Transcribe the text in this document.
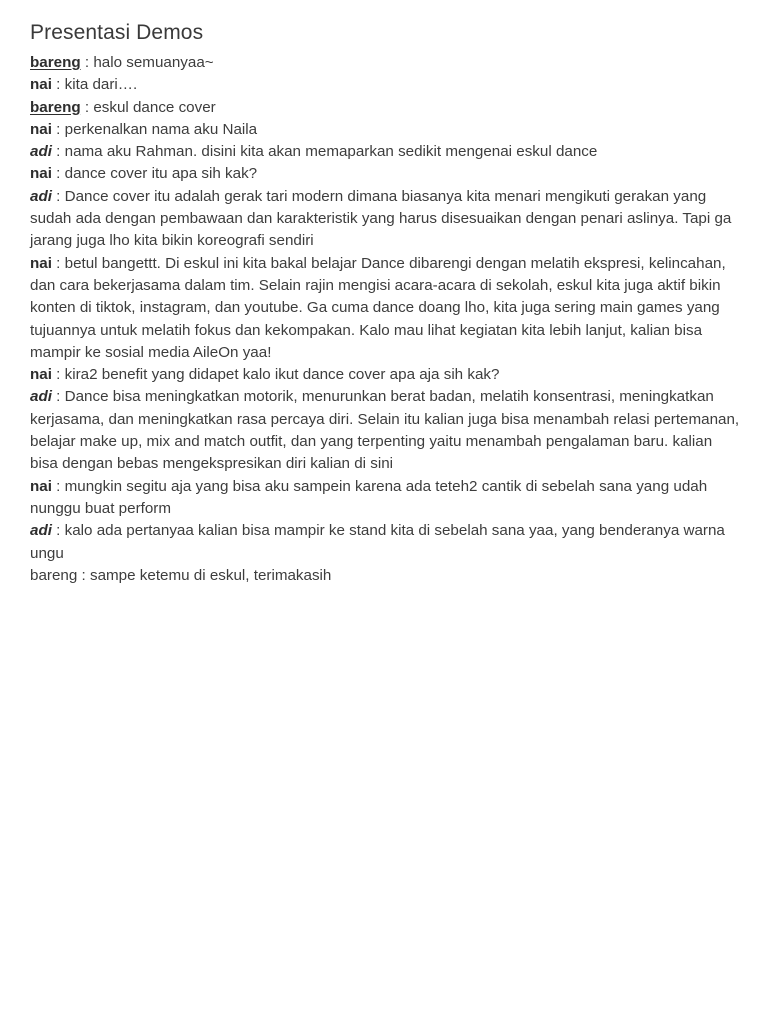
Presentasi Demos

bareng : halo semuanyaa~

nai : kita dari….

bareng : eskul dance cover

nai : perkenalkan nama aku Naila

adi : nama aku Rahman. disini kita akan memaparkan sedikit mengenai eskul dance

nai : dance cover itu apa sih kak?

adi : Dance cover itu adalah gerak tari modern dimana biasanya kita menari mengikuti gerakan yang sudah ada dengan pembawaan dan karakteristik yang harus disesuaikan dengan penari aslinya. Tapi ga jarang juga lho kita bikin koreografi sendiri

nai : betul bangettt. Di eskul ini kita bakal belajar Dance dibarengi dengan melatih ekspresi, kelincahan, dan cara bekerjasama dalam tim. Selain rajin mengisi acara-acara di sekolah, eskul kita juga aktif bikin konten di tiktok, instagram, dan youtube. Ga cuma dance doang lho, kita juga sering main games yang tujuannya untuk melatih fokus dan kekompakan. Kalo mau lihat kegiatan kita lebih lanjut, kalian bisa mampir ke sosial media AileOn yaa!

nai : kira2 benefit yang didapet kalo ikut dance cover apa aja sih kak?

adi : Dance bisa meningkatkan motorik, menurunkan berat badan, melatih konsentrasi, meningkatkan kerjasama, dan meningkatkan rasa percaya diri. Selain itu kalian juga bisa menambah relasi pertemanan, belajar make up, mix and match outfit, dan yang terpenting yaitu menambah pengalaman baru. kalian bisa dengan bebas mengekspresikan diri kalian di sini

nai : mungkin segitu aja yang bisa aku sampein karena ada teteh2 cantik di sebelah sana yang udah nunggu buat perform

adi : kalo ada pertanyaa kalian bisa mampir ke stand kita di sebelah sana yaa, yang benderanya warna ungu

bareng : sampe ketemu di eskul, terimakasih
